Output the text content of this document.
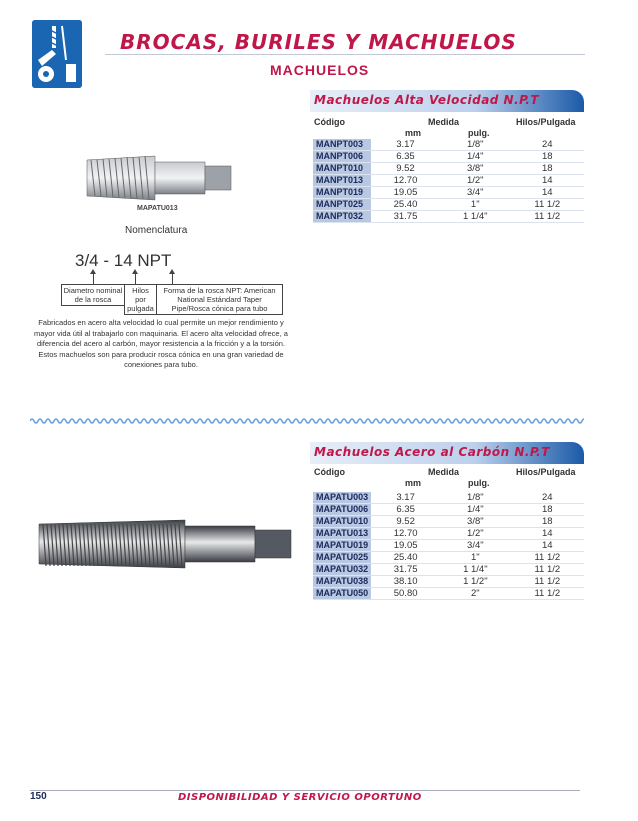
BROCAS, BURILES Y MACHUELOS
MACHUELOS
Machuelos Alta Velocidad N.P.T
Código	Medida
mm	pulg.
Hilos/Pulgada
MANPT003	3.17	1/8"	24
MANPT006	6.35	1/4"	18
MANPT010	9.52	3/8"	18
MANPT013	12.70	1/2"	14
MANPT019	19.05	3/4"	14
MANPT025	25.40	1"	11 1/2
MANPT032	31.75	1 1/4"	11 1/2
MAPATU013
Nomenclatura
3/4 - 14 NPT
Diametro nominal de la rosca
Hilos por pulgada
Forma de la rosca NPT: American National Estándard Taper Pipe/Rosca cónica para tubo
Fabricados en acero alta velocidad lo cual permite un mejor rendimiento y mayor vida útil al trabajarlo con maquinaria. El acero alta velocidad ofrece, a diferencia del acero al carbón, mayor resistencia a la fricción y a la torsión. Estos machuelos son para producir rosca cónica en una gran variedad de conexiones para tubo.
Machuelos Acero al Carbón N.P.T
Código	Medida
mm	pulg.
Hilos/Pulgada
MAPATU003	3.17	1/8"	24
MAPATU006	6.35	1/4"	18
MAPATU010	9.52	3/8"	18
MAPATU013	12.70	1/2"	14
MAPATU019	19.05	3/4"	14
MAPATU025	25.40	1"	11 1/2
MAPATU032	31.75	1 1/4"	11 1/2
MAPATU038	38.10	1 1/2"	11 1/2
MAPATU050	50.80	2"	11 1/2
150	DISPONIBILIDAD Y SERVICIO OPORTUNO
